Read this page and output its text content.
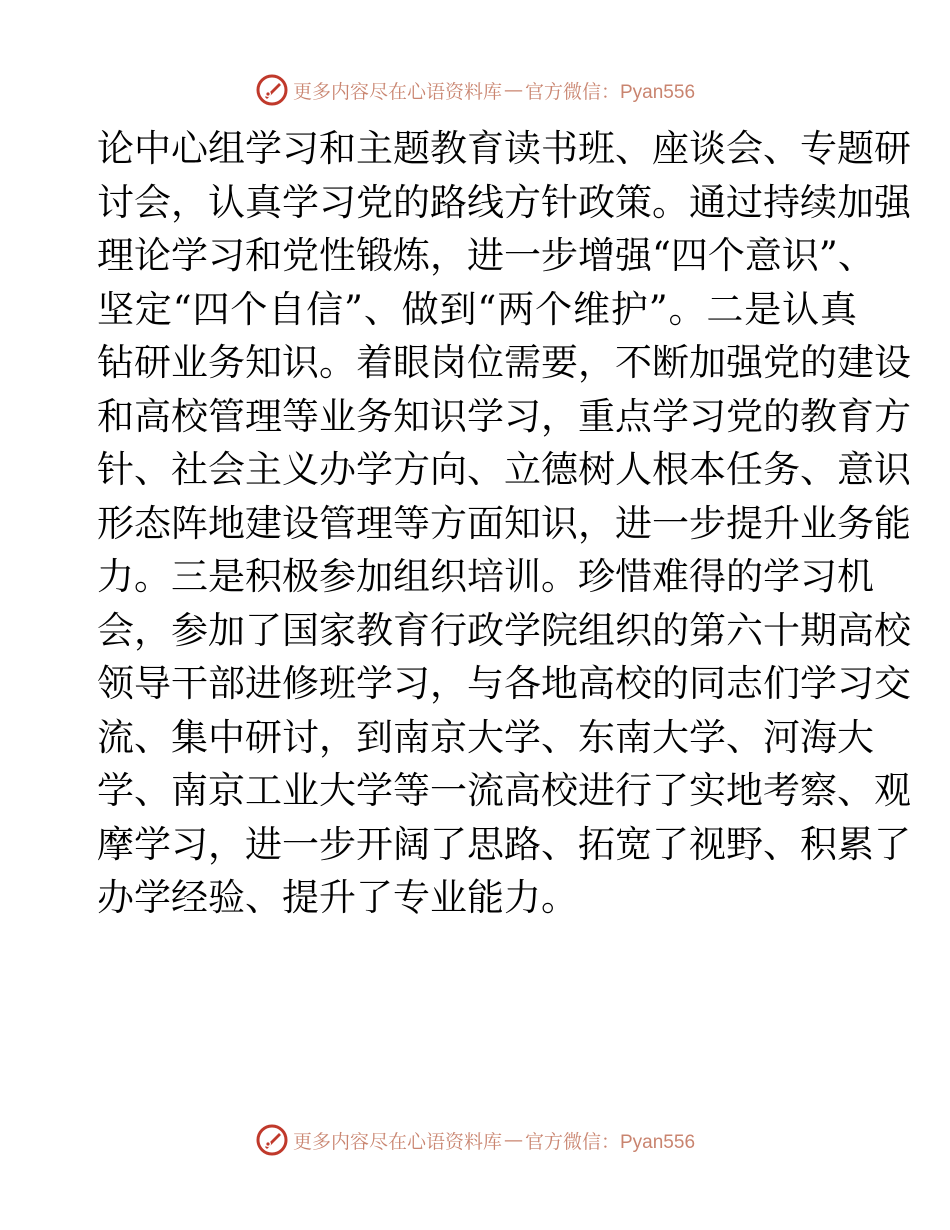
更多内容尽在心语资料库 — 官方微信：Pyan556
论中心组学习和主题教育读书班、座谈会、专题研
讨会，认真学习党的路线方针政策。通过持续加强
理论学习和党性锻炼，进一步增强“四个意识”、
坚定“四个自信”、做到“两个维护”。二是认真
钻研业务知识。着眼岗位需要，不断加强党的建设
和高校管理等业务知识学习，重点学习党的教育方
针、社会主义办学方向、立德树人根本任务、意识
形态阵地建设管理等方面知识，进一步提升业务能
力。三是积极参加组织培训。珍惜难得的学习机
会，参加了国家教育行政学院组织的第六十期高校
领导干部进修班学习，与各地高校的同志们学习交
流、集中研讨，到南京大学、东南大学、河海大
学、南京工业大学等一流高校进行了实地考察、观
摩学习，进一步开阔了思路、拓宽了视野、积累了
办学经验、提升了专业能力。
更多内容尽在心语资料库 — 官方微信：Pyan556
